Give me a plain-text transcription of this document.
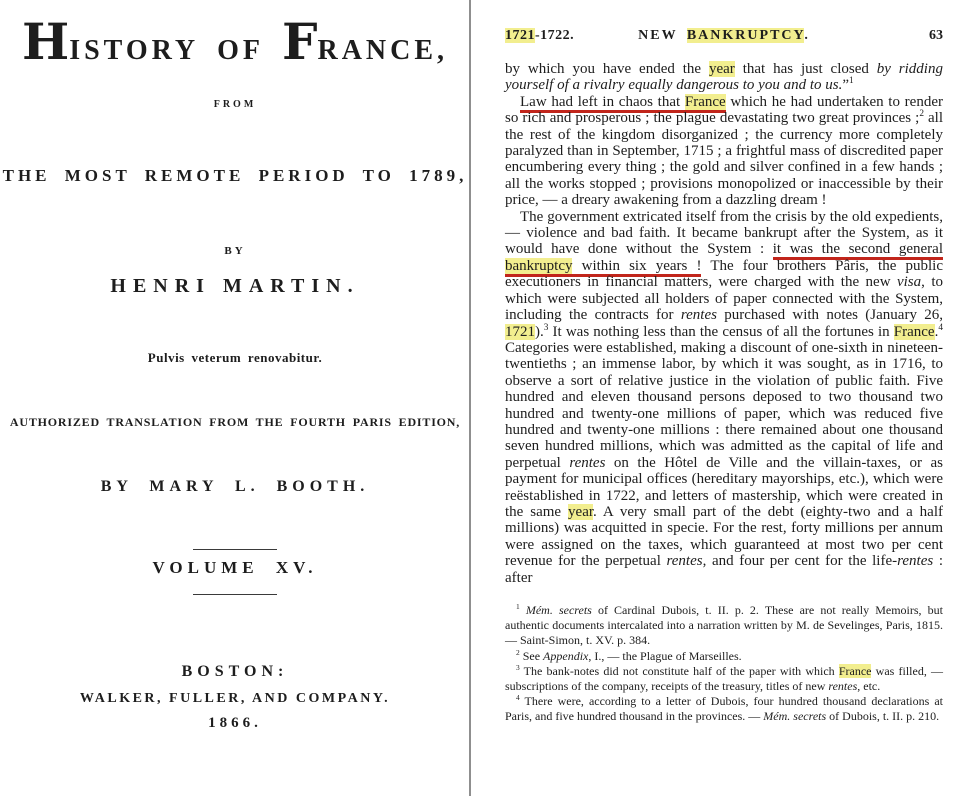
HISTORY OF FRANCE,
FROM
THE MOST REMOTE PERIOD TO 1789,
BY
HENRI MARTIN.
Pulvis veterum renovabitur.
AUTHORIZED TRANSLATION FROM THE FOURTH PARIS EDITION,
BY MARY L. BOOTH.
VOLUME XV.
BOSTON:
WALKER, FULLER, AND COMPANY.
1866.
1721-1722.	NEW BANKRUPTCY.	63

by which you have ended the year that has just closed by ridding yourself of a rivalry equally dangerous to you and to us.”$^1$

Law had left in chaos that France which he had undertaken to render so rich and prosperous ; the plague devastating two great provinces ;$^2$ all the rest of the kingdom disorganized ; the currency more completely paralyzed than in September, 1715 ; a frightful mass of discredited paper encumbering every thing ; the gold and silver confined in a few hands ; all the works stopped ; provisions monopolized or inaccessible by their price, — a dreary awakening from a dazzling dream !

The government extricated itself from the crisis by the old expedients, — violence and bad faith. It became bankrupt after the System, as it would have done without the System : it was the second general bankruptcy within six years ! The four brothers Pâris, the public executioners in financial matters, were charged with the new visa, to which were subjected all holders of paper connected with the System, including the contracts for rentes purchased with notes (January 26, 1721).$^3$ It was nothing less than the census of all the fortunes in France.$^4$ Categories were established, making a discount of one-sixth in nineteen-twentieths ; an immense labor, by which it was sought, as in 1716, to observe a sort of relative justice in the violation of public faith. Five hundred and eleven thousand persons deposed to two thousand two hundred and twenty-one millions of paper, which was reduced five hundred and twenty-one millions : there remained about one thousand seven hundred millions, which was admitted as the capital of life and perpetual rentes on the Hôtel de Ville and the villain-taxes, or as payment for municipal offices (hereditary mayorships, etc.), which were reëstablished in 1722, and letters of mastership, which were created in the same year. A very small part of the debt (eighty-two and a half millions) was acquitted in specie. For the rest, forty millions per annum were assigned on the taxes, which guaranteed at most two per cent revenue for the perpetual rentes, and four per cent for the life-rentes : after

$^1$ Mém. secrets of Cardinal Dubois, t. II. p. 2. These are not really Memoirs, but authentic documents intercalated into a narration written by M. de Sevelinges, Paris, 1815. — Saint-Simon, t. XV. p. 384.

$^2$ See Appendix, I., — the Plague of Marseilles.

$^3$ The bank-notes did not constitute half of the paper with which France was filled, — subscriptions of the company, receipts of the treasury, titles of new rentes, etc.

$^4$ There were, according to a letter of Dubois, four hundred thousand declarations at Paris, and five hundred thousand in the provinces. — Mém. secrets of Dubois, t. II. p. 210.
